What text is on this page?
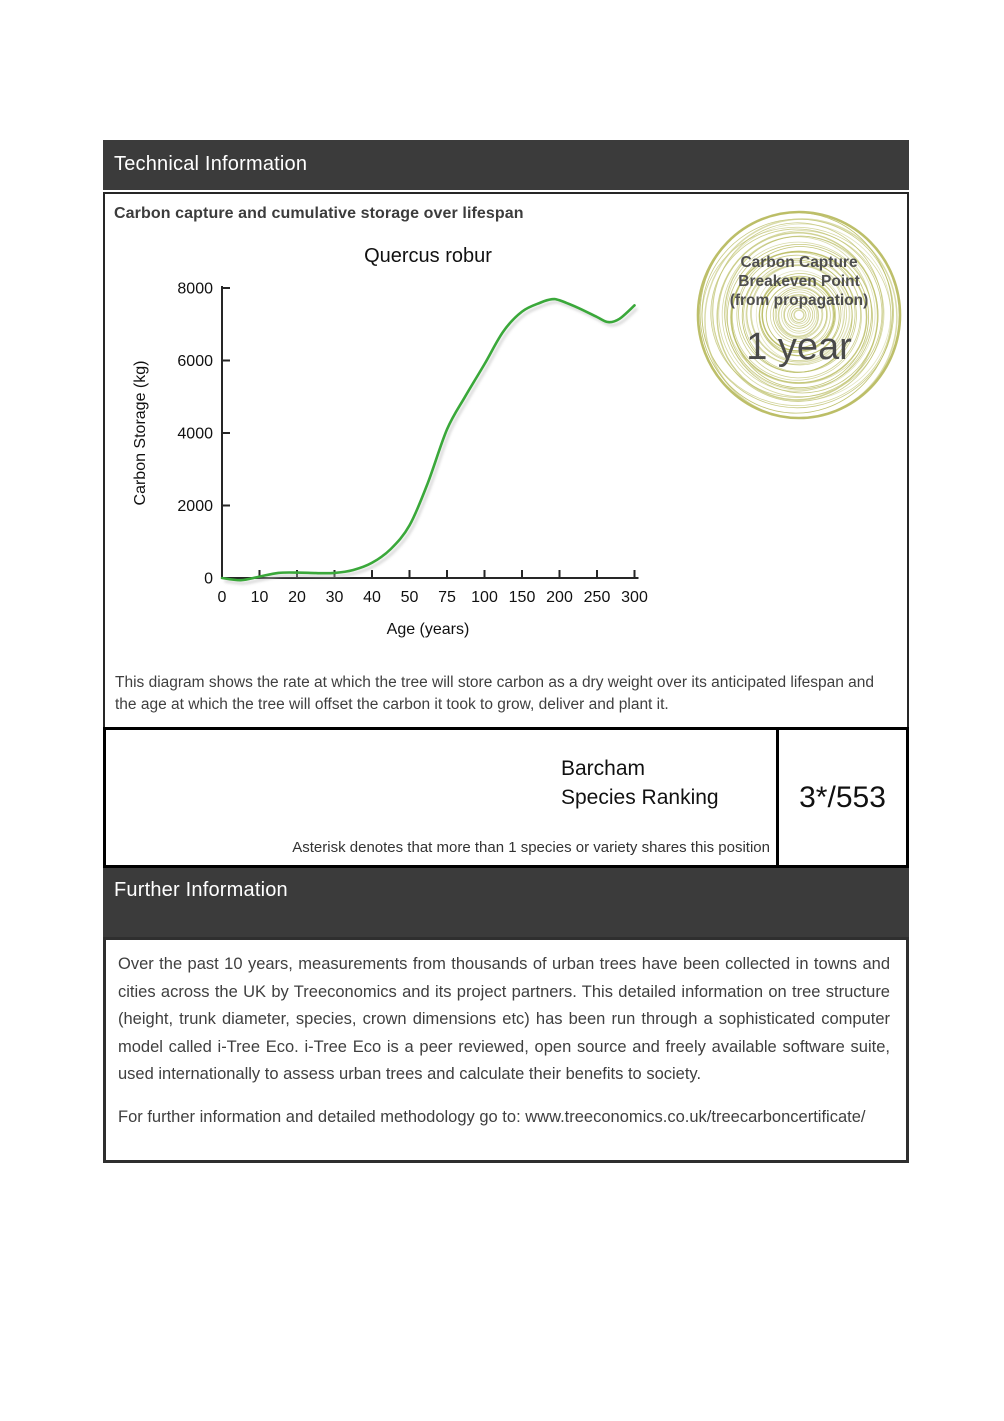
Technical Information
Carbon capture and cumulative storage over lifespan
Quercus robur
Age (years)
Carbon Storage (kg)
0
2000
4000
6000
8000
0 10 20 30 40 50 75 100 150 200 250 300
Carbon Capture
Breakeven Point
(from propagation)
1 year
This diagram shows the rate at which the tree will store carbon as a dry weight over its anticipated lifespan and the age at which the tree will offset the carbon it took to grow, deliver and plant it.
Barcham
Species Ranking
Asterisk denotes that more than 1 species or variety shares this position
3*/553
Further Information

Over the past 10 years, measurements from thousands of urban trees have been collected in towns and cities across the UK by Treeconomics and its project partners. This detailed information on tree structure (height, trunk diameter, species, crown dimensions etc) has been run through a sophisticated computer model called i-Tree Eco. i-Tree Eco is a peer reviewed, open source and freely available software suite, used internationally to assess urban trees and calculate their benefits to society.

For further information and detailed methodology go to: www.treeconomics.co.uk/treecarboncertificate/
